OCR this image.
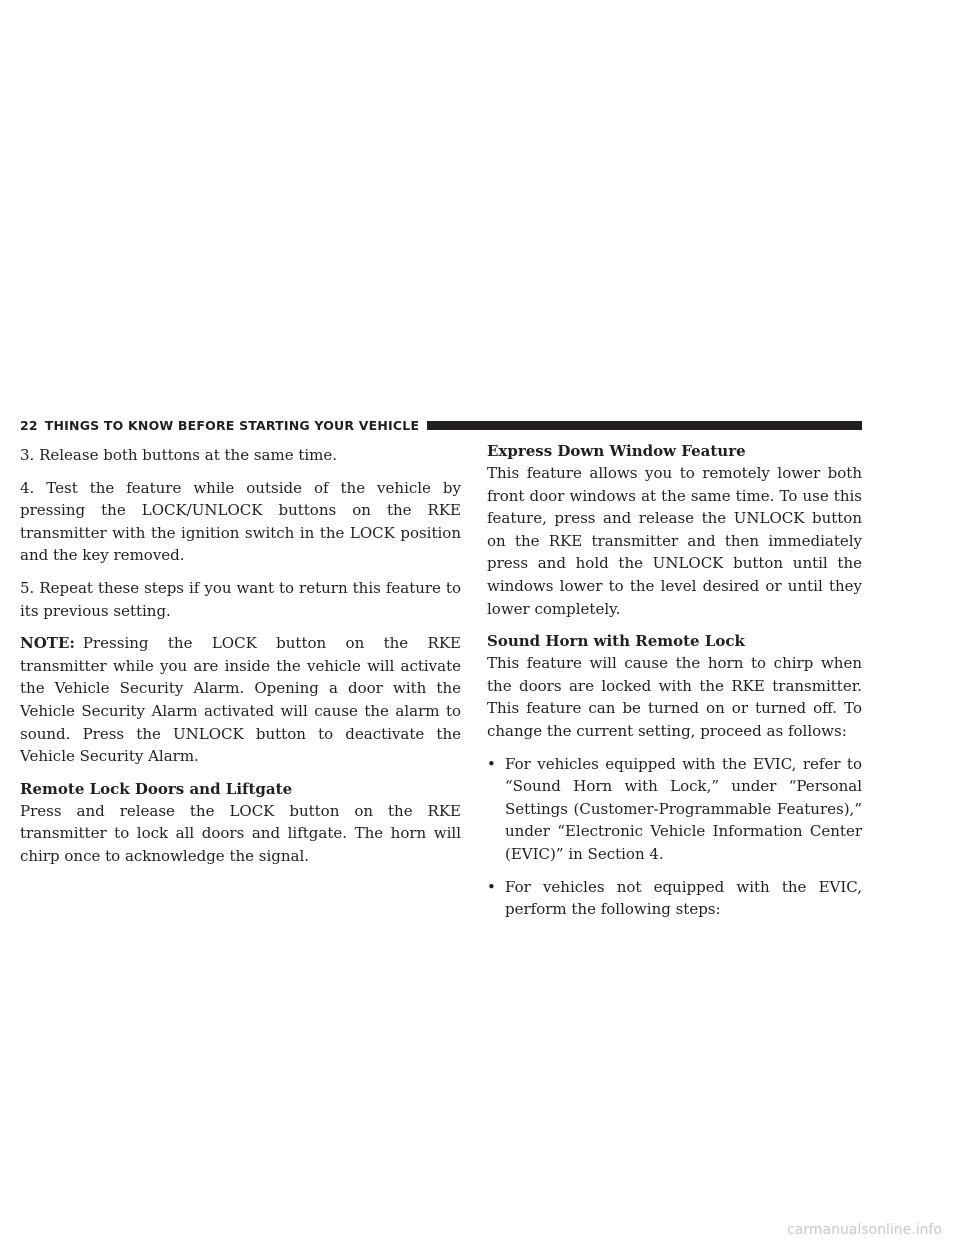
22 THINGS TO KNOW BEFORE STARTING YOUR VEHICLE

3. Release both buttons at the same time.

4. Test the feature while outside of the vehicle by pressing the LOCK/UNLOCK buttons on the RKE transmitter with the ignition switch in the LOCK position and the key removed.

5. Repeat these steps if you want to return this feature to its previous setting.

NOTE: Pressing the LOCK button on the RKE transmitter while you are inside the vehicle will activate the Vehicle Security Alarm. Opening a door with the Vehicle Security Alarm activated will cause the alarm to sound. Press the UNLOCK button to deactivate the Vehicle Security Alarm.

Remote Lock Doors and Liftgate

Press and release the LOCK button on the RKE transmitter to lock all doors and liftgate. The horn will chirp once to acknowledge the signal.

Express Down Window Feature

This feature allows you to remotely lower both front door windows at the same time. To use this feature, press and release the UNLOCK button on the RKE transmitter and then immediately press and hold the UNLOCK button until the windows lower to the level desired or until they lower completely.

Sound Horn with Remote Lock

This feature will cause the horn to chirp when the doors are locked with the RKE transmitter. This feature can be turned on or turned off. To change the current setting, proceed as follows:

• For vehicles equipped with the EVIC, refer to “Sound Horn with Lock,” under “Personal Settings (Customer-Programmable Features),” under “Electronic Vehicle Information Center (EVIC)” in Section 4.
• For vehicles not equipped with the EVIC, perform the following steps:
carmanualsonline.info
